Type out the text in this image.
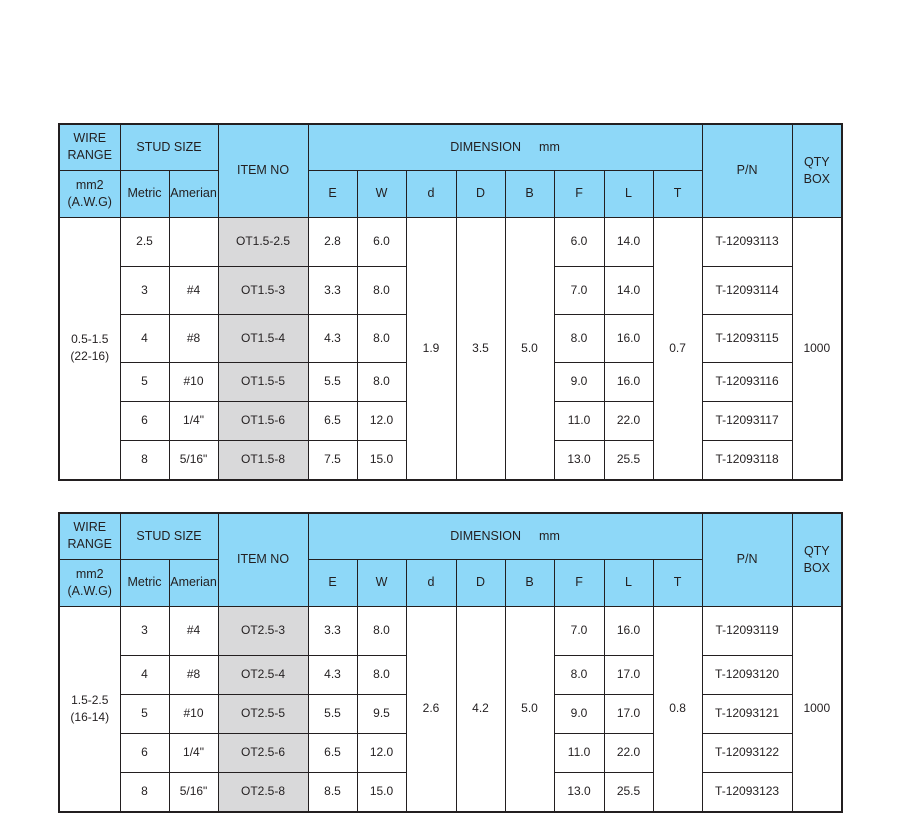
WIRE RANGE	STUD SIZE		ITEM NO	DIMENSION mm								P/N	QTY BOX
mm2 (A.W.G)	Metric	Amerian		E	W	d	D	B	F	L	T		
0.5-1.5 (22-16)	2.5		OT1.5-2.5	2.8	6.0	1.9	3.5	5.0	6.0	14.0	0.7	T-12093113	1000
	3	#4	OT1.5-3	3.3	8.0				7.0	14.0		T-12093114	
	4	#8	OT1.5-4	4.3	8.0				8.0	16.0		T-12093115	
	5	#10	OT1.5-5	5.5	8.0				9.0	16.0		T-12093116	
	6	1/4"	OT1.5-6	6.5	12.0				11.0	22.0		T-12093117	
	8	5/16"	OT1.5-8	7.5	15.0				13.0	25.5		T-12093118	
WIRE RANGE	STUD SIZE		ITEM NO	DIMENSION mm								P/N	QTY BOX
mm2 (A.W.G)	Metric	Amerian		E	W	d	D	B	F	L	T		
1.5-2.5 (16-14)	3	#4	OT2.5-3	3.3	8.0	2.6	4.2	5.0	7.0	16.0	0.8	T-12093119	1000
	4	#8	OT2.5-4	4.3	8.0				8.0	17.0		T-12093120	
	5	#10	OT2.5-5	5.5	9.5				9.0	17.0		T-12093121	
	6	1/4"	OT2.5-6	6.5	12.0				11.0	22.0		T-12093122	
	8	5/16"	OT2.5-8	8.5	15.0				13.0	25.5		T-12093123	
